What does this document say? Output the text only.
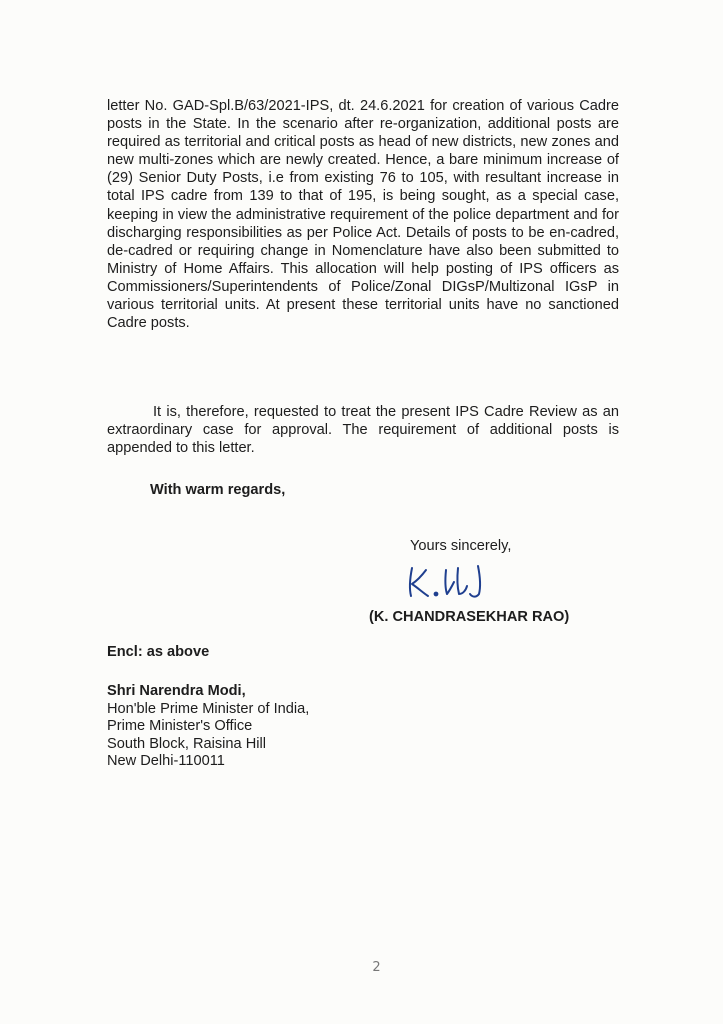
letter No. GAD-Spl.B/63/2021-IPS, dt. 24.6.2021 for creation of various Cadre posts in the State. In the scenario after re-organization, additional posts are required as territorial and critical posts as head of new districts, new zones and new multi-zones which are newly created. Hence, a bare minimum increase of (29) Senior Duty Posts, i.e from existing 76 to 105, with resultant increase in total IPS cadre from 139 to that of 195, is being sought, as a special case, keeping in view the administrative requirement of the police department and for discharging responsibilities as per Police Act. Details of posts to be en-cadred, de-cadred or requiring change in Nomenclature have also been submitted to Ministry of Home Affairs. This allocation will help posting of IPS officers as Commissioners/Superintendents of Police/Zonal DIGsP/Multizonal IGsP in various territorial units. At present these territorial units have no sanctioned Cadre posts.

It is, therefore, requested to treat the present IPS Cadre Review as an extraordinary case for approval. The requirement of additional posts is appended to this letter.

With warm regards,
Yours sincerely,
(K. CHANDRASEKHAR RAO)
Encl: as above
Shri Narendra Modi,
Hon'ble Prime Minister of India,
Prime Minister's Office
South Block, Raisina Hill
New Delhi-110011
2
